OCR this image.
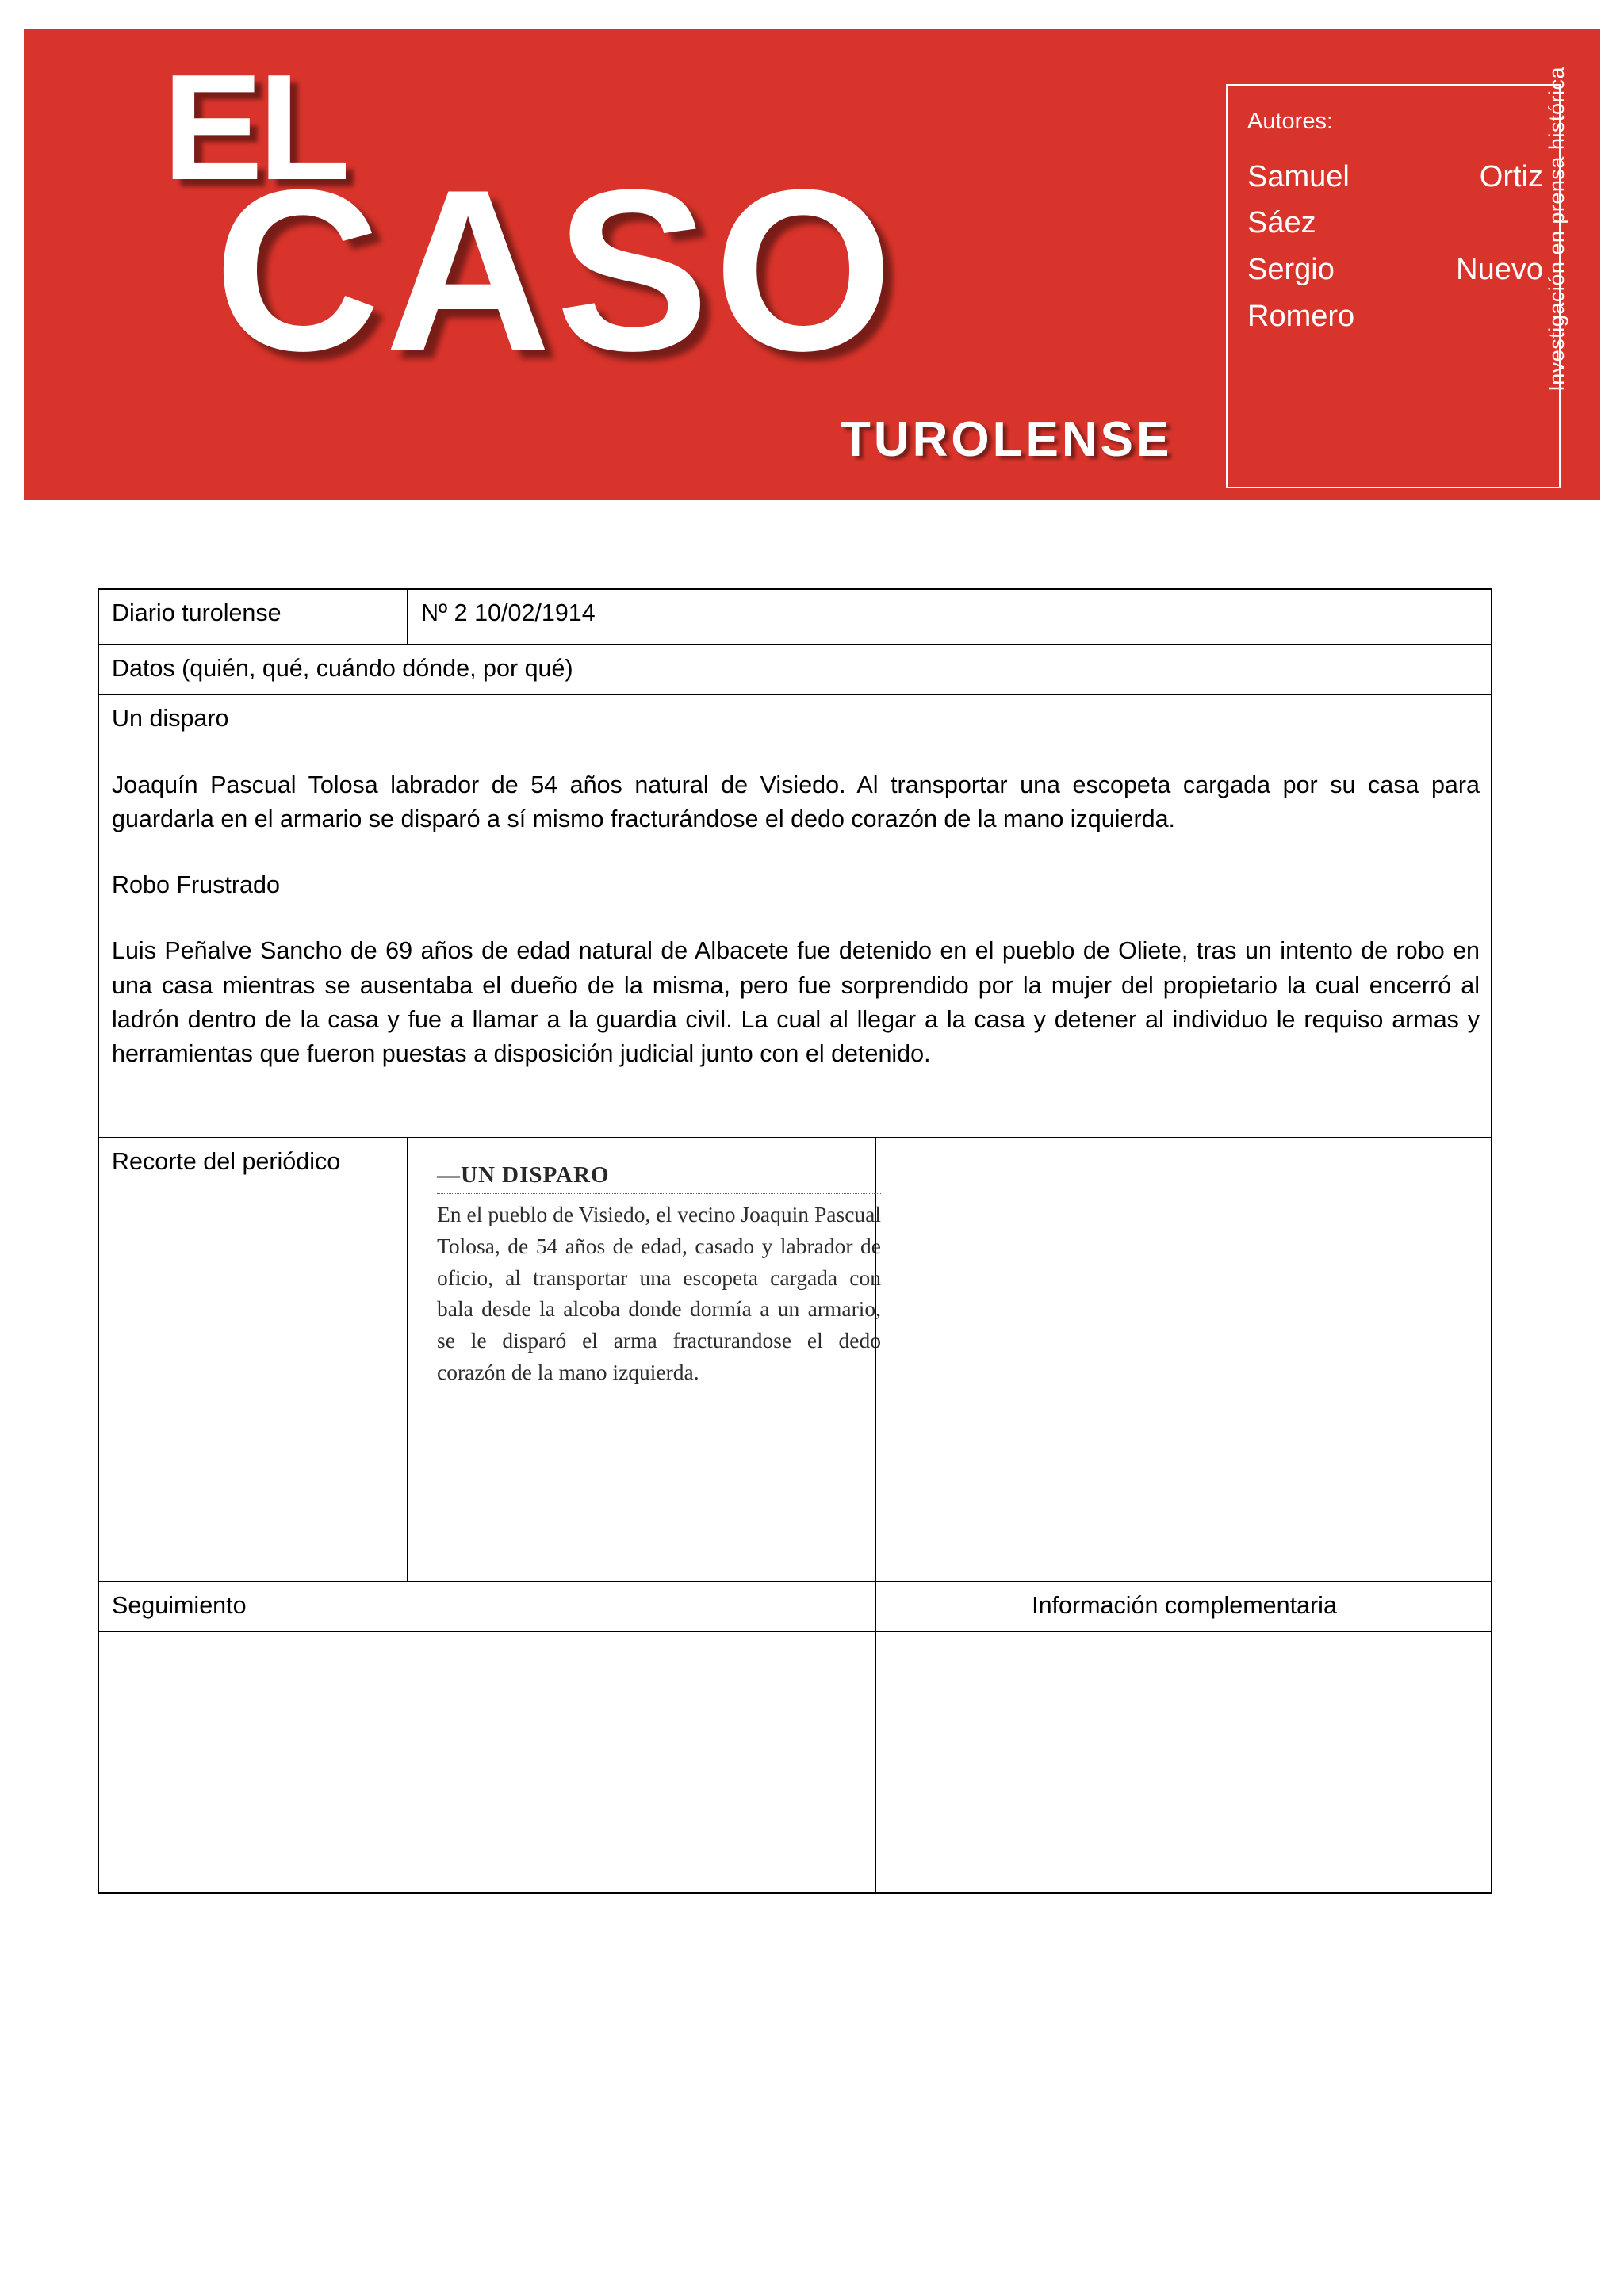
EL
CASO
TUROLENSE
Autores:
Samuel	Ortiz
Sáez
Sergio	Nuevo
Romero	Investigación en prensa histórica
Diario turolense	Nº 2 10/02/1914	
Datos (quién, qué, cuándo dónde, por qué)		

Un disparo

Joaquín Pascual Tolosa labrador de 54 años natural de Visiedo. Al transportar una escopeta cargada por su casa para guardarla en el armario se disparó a sí mismo fracturándose el dedo corazón de la mano izquierda.

Robo Frustrado

Luis Peñalve Sancho de 69 años de edad natural de Albacete fue detenido en el pueblo de Oliete, tras un intento de robo en una casa mientras se ausentaba el dueño de la misma, pero fue sorprendido por la mujer del propietario la cual encerró al ladrón dentro de la casa y fue a llamar a la guardia civil. La cual al llegar a la casa y detener al individuo le requiso armas y herramientas que fueron puestas a disposición judicial junto con el detenido.		

Recorte del periódico	—UN DISPARO
En el pueblo de Visiedo, el vecino Joaquin Pascual Tolosa, de 54 años de edad, casado y labrador de oficio, al transportar una escopeta cargada con bala desde la alcoba donde dormía a un armario, se le disparó el arma fracturandose el dedo corazón de la mano izquierda.	

Seguimiento		Información complementaria
